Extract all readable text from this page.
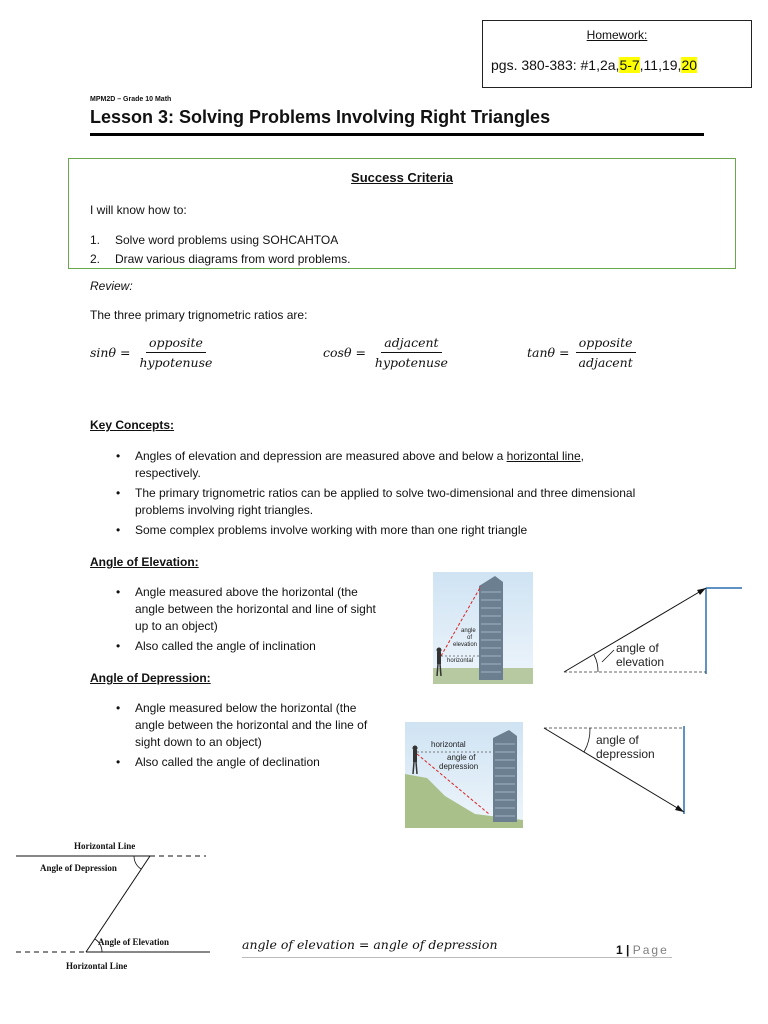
Homework:
pgs. 380-383: #1,2a,5-7,11,19,20
MPM2D – Grade 10 Math
Lesson 3: Solving Problems Involving Right Triangles
Success Criteria
I will know how to:
1. Solve word problems using SOHCAHTOA
2. Draw various diagrams from word problems.
Review:
The three primary trignometric ratios are:
$\sin\theta = \frac{\text{opposite}}{\text{hypotenuse}}$	$\cos\theta = \frac{\text{adjacent}}{\text{hypotenuse}}$	$\tan\theta = \frac{\text{opposite}}{\text{adjacent}}$
Key Concepts:
• Angles of elevation and depression are measured above and below a horizontal line,
respectively.
• The primary trignometric ratios can be applied to solve two-dimensional and three dimensional
problems involving right triangles.
• Some complex problems involve working with more than one right triangle
Angle of Elevation:
• Angle measured above the horizontal (the
angle between the horizontal and line of sight
up to an object)
• Also called the angle of inclination
angle
of
elevation
horizontal
angle of
elevation
Angle of Depression:
• Angle measured below the horizontal (the
angle between the horizontal and the line of
sight down to an object)
• Also called the angle of declination
horizontal
angle of
depression
angle of
depression
Horizontal Line
Angle of Depression
Angle of Elevation
Horizontal Line
angle of elevation = angle of depression	1 | Page
